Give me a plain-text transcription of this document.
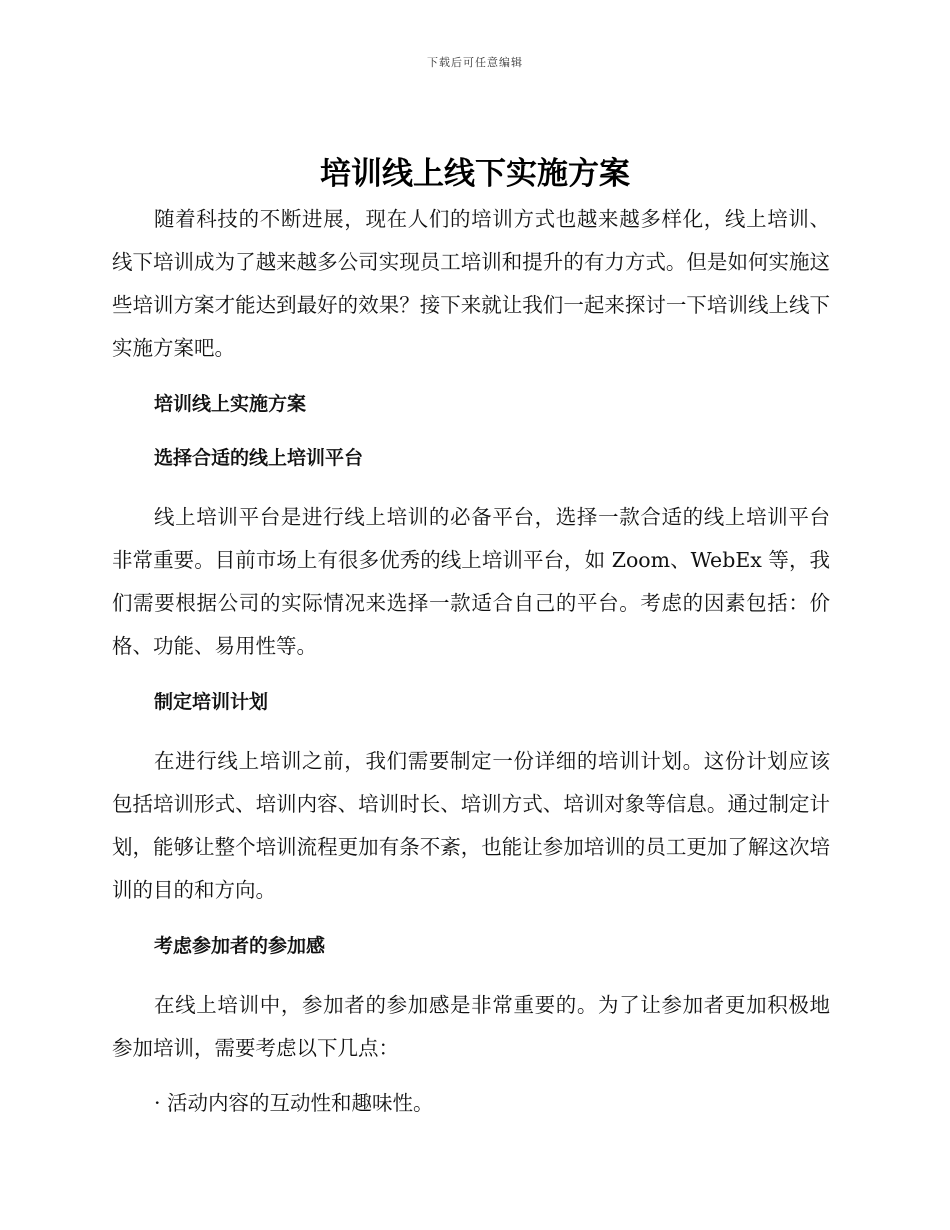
下载后可任意编辑
培训线上线下实施方案

随着科技的不断进展，现在人们的培训方式也越来越多样化，线上培训、线下培训成为了越来越多公司实现员工培训和提升的有力方式。但是如何实施这些培训方案才能达到最好的效果？接下来就让我们一起来探讨一下培训线上线下实施方案吧。

培训线上实施方案
选择合适的线上培训平台

线上培训平台是进行线上培训的必备平台，选择一款合适的线上培训平台非常重要。目前市场上有很多优秀的线上培训平台，如 Zoom、WebEx 等，我们需要根据公司的实际情况来选择一款适合自己的平台。考虑的因素包括：价格、功能、易用性等。

制定培训计划

在进行线上培训之前，我们需要制定一份详细的培训计划。这份计划应该包括培训形式、培训内容、培训时长、培训方式、培训对象等信息。通过制定计划，能够让整个培训流程更加有条不紊，也能让参加培训的员工更加了解这次培训的目的和方向。

考虑参加者的参加感

在线上培训中，参加者的参加感是非常重要的。为了让参加者更加积极地参加培训，需要考虑以下几点：

· 活动内容的互动性和趣味性。
